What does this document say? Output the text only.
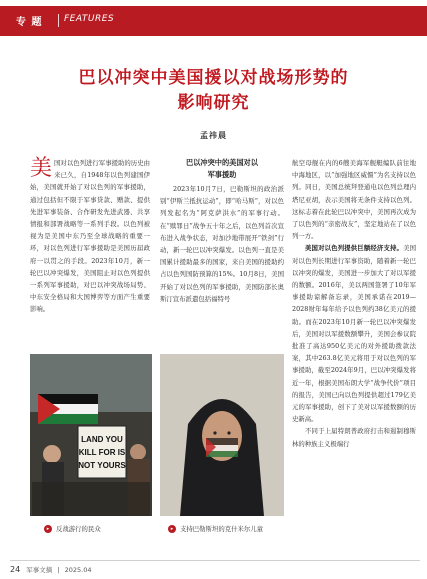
专 题 FEATURES
巴以冲突中美国援以对战场形势的
影响研究
孟祎晨
美 国对以色列进行军事援助的历史由来已久，自1948年以色列建国伊始，美国就开始了对以色列的军事援助，通过包括但不限于军事贷款、赠款、提供先进军事装备、合作研发先进武器、共享情报和部署战略等一系列手段。以色列被视为是美国中东乃至全球战略的重要一环，对以色列进行军事援助是美国历届政府一以贯之的手段。2023年10月，新一轮巴以冲突爆发，美国阻止对以色列提供一系列军事援助，对巴以冲突战场局势、中东安全格局和大国博弈等方面产生重要影响。
巴以冲突中的美国对以
军事援助

2023年10月7日，巴勒斯坦的政治派别“伊斯兰抵抗运动”，即“哈马斯”，对以色列发起名为“阿克萨洪水”的军事行动。在“赎罪日”战争五十年之后，以色列首次宣布进入战争状态，对加沙地带展开“铁剑”行动，新一轮巴以冲突爆发。以色列一直是美国累计援助最多的国家，来自美国的援助约占以色列国防预算的15%。10月8日，美国开始了对以色列的军事援助，美国防部长奥斯汀宣布派遣包括福特号

航空母舰在内的6艘美海军舰艇编队前往地中海地区，以“加强地区威慑”为名支持以色列。同日，美国总统拜登通电以色列总理内塔尼亚胡，表示美国将无条件支持以色列。这标志着在此轮巴以冲突中，美国再次成为了以色列的“亲密战友”，坚定地站在了以色列一方。

美国对以色列提供巨额经济支持。美国对以色列长期进行军事资助，随着新一轮巴以冲突的爆发，美国进一步加大了对以军援的数额。2016年，美以两国签署了10年军事援助谅解备忘录，美国承诺在2019—2028财年每年给予以色列约38亿美元的援助。而在2023年10月新一轮巴以冲突爆发后，美国对以军援数额攀升，美国会参议院批准了高达950亿美元的对外援助拨款法案，其中263.8亿美元将用于对以色列的军事援助，截至2024年9月，巴以冲突爆发将近一年，根据美国布朗大学“战争代价”项目的报告，美国已向以色列提供超过179亿美元的军事援助，创下了美对以军援数额的历史新高。

不同于上届特朗普政府打击和遏制穆斯林的种族主义极端行

LAND YOU
KILL FOR IS
NOT YOURS
▸	反战游行的民众	▸	支持巴勒斯坦的克什米尔儿童
24 军事文摘 | 2025.04
